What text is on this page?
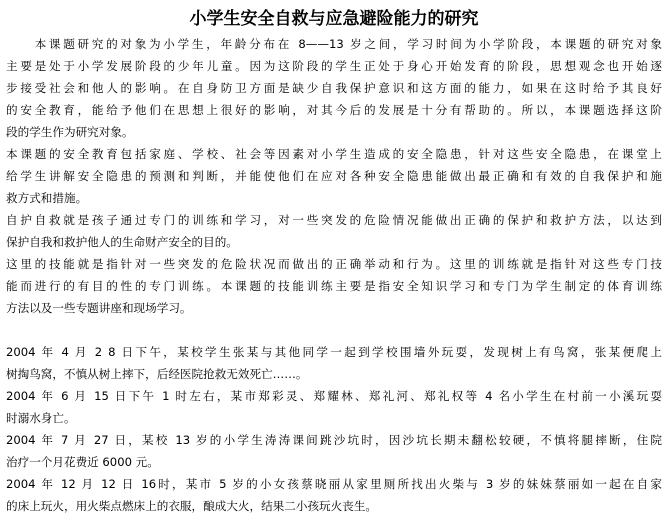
小学生安全自救与应急避险能力的研究
　　本课题研究的对象为小学生，年龄分布在 8——13 岁之间，学习时间为小学阶段，本课题的研究对象
主要是处于小学发展阶段的少年儿童。因为这阶段的学生正处于身心开始发育的阶段，思想观念也开始逐
步接受社会和他人的影响。在自身防卫方面是缺少自我保护意识和这方面的能力，如果在这时给予其良好
的安全教育，能给予他们在思想上很好的影响，对其今后的发展是十分有帮助的。所以，本课题选择这阶
段的学生作为研究对象。
本课题的安全教育包括家庭、学校、社会等因素对小学生造成的安全隐患，针对这些安全隐患，在课堂上
给学生讲解安全隐患的预测和判断，并能使他们在应对各种安全隐患能做出最正确和有效的自我保护和施
救方式和措施。
自护自救就是孩子通过专门的训练和学习，对一些突发的危险情况能做出正确的保护和救护方法，以达到
保护自我和救护他人的生命财产安全的目的。
这里的技能就是指针对一些突发的危险状况而做出的正确举动和行为。这里的训练就是指针对这些专门技
能而进行的有目的性的专门训练。本课题的技能训练主要是指安全知识学习和专门为学生制定的体育训练
方法以及一些专题讲座和现场学习。
2004 年 4 月 2 8 日下午，某校学生张某与其他同学一起到学校围墙外玩耍，发现树上有鸟窝，张某便爬上
树掏鸟窝，不慎从树上摔下，后经医院抢救无效死亡……。
2004 年 6 月 15 日下午 1 时左右，某市郑彩灵、郑耀林、郑礼河、郑礼权等 4 名小学生在村前一小溪玩耍
时溺水身亡。
2004 年 7 月 27 日，某校 13 岁的小学生涛涛课间跳沙坑时，因沙坑长期未翻松较硬，不慎将腿摔断，住院
治疗一个月花费近 6000 元。
2004 年 12 月 12 日 16时，某市 5 岁的小女孩蔡晓丽从家里厕所找出火柴与 3 岁的妹妹蔡丽如一起在自家
的床上玩火，用火柴点燃床上的衣服，酿成大火，结果二小孩玩火丧生。
